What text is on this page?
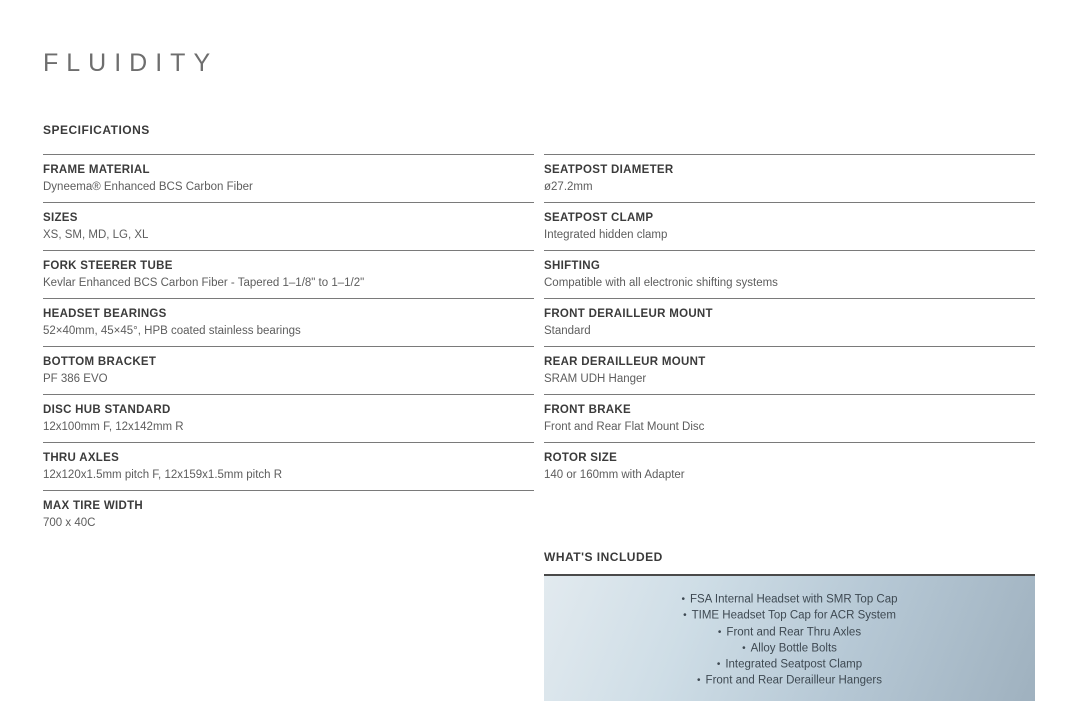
FLUIDITY
SPECIFICATIONS
FRAME MATERIAL
Dyneema® Enhanced BCS Carbon Fiber
SIZES
XS, SM, MD, LG, XL
FORK STEERER TUBE
Kevlar Enhanced BCS Carbon Fiber - Tapered 1–1/8" to 1–1/2"
HEADSET BEARINGS
52×40mm, 45×45°, HPB coated stainless bearings
BOTTOM BRACKET
PF 386 EVO
DISC HUB STANDARD
12x100mm F, 12x142mm R
THRU AXLES
12x120x1.5mm pitch F, 12x159x1.5mm pitch R
MAX TIRE WIDTH
700 x 40C
SEATPOST DIAMETER
ø27.2mm
SEATPOST CLAMP
Integrated hidden clamp
SHIFTING
Compatible with all electronic shifting systems
FRONT DERAILLEUR MOUNT
Standard
REAR DERAILLEUR MOUNT
SRAM UDH Hanger
FRONT BRAKE
Front and Rear Flat Mount Disc
ROTOR SIZE
140 or 160mm with Adapter
WHAT'S INCLUDED
• FSA Internal Headset with SMR Top Cap
• TIME Headset Top Cap for ACR System
• Front and Rear Thru Axles
• Alloy Bottle Bolts
• Integrated Seatpost Clamp
• Front and Rear Derailleur Hangers
